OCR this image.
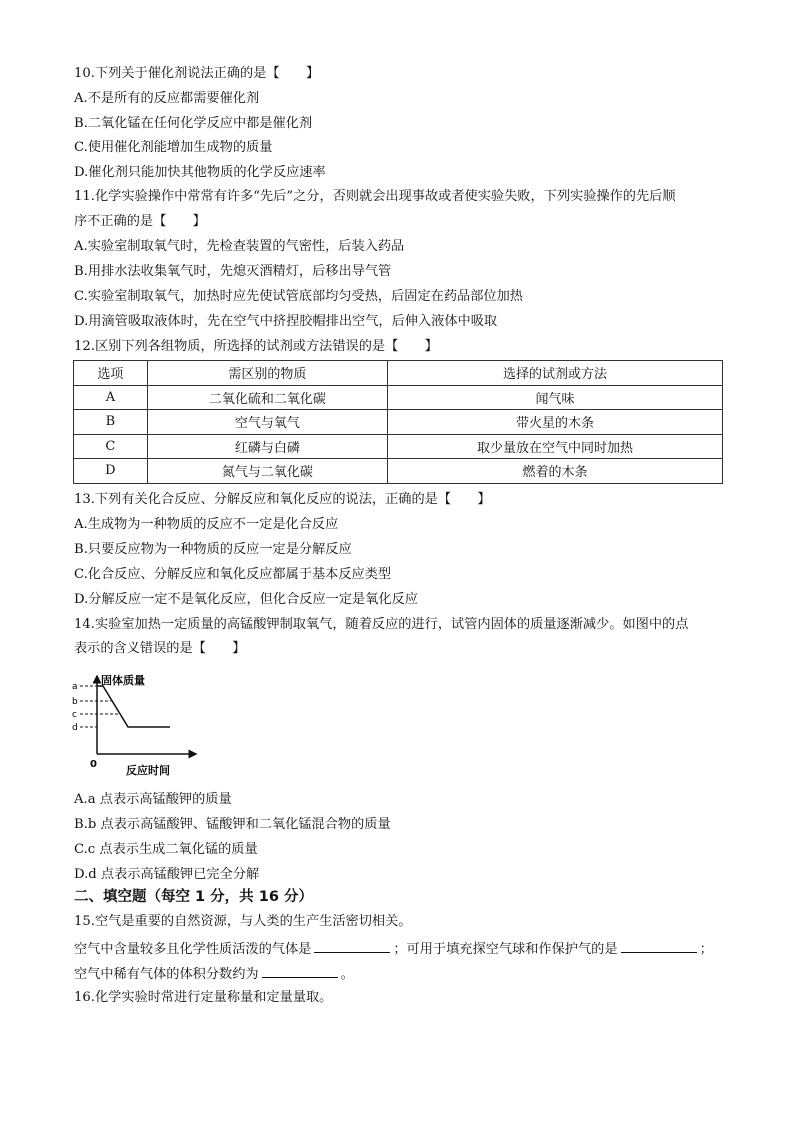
10.下列关于催化剂说法正确的是【　　】
A.不是所有的反应都需要催化剂
B.二氧化锰在任何化学反应中都是催化剂
C.使用催化剂能增加生成物的质量
D.催化剂只能加快其他物质的化学反应速率
11.化学实验操作中常常有许多“先后”之分，否则就会出现事故或者使实验失败，下列实验操作的先后顺
序不正确的是【　　】
A.实验室制取氧气时，先检查装置的气密性，后装入药品
B.用排水法收集氧气时，先熄灭酒精灯，后移出导气管
C.实验室制取氧气，加热时应先使试管底部均匀受热，后固定在药品部位加热
D.用滴管吸取液体时，先在空气中挤捏胶帽排出空气，后伸入液体中吸取
12.区别下列各组物质，所选择的试剂或方法错误的是【　　】
选项	需区别的物质	选择的试剂或方法
A	二氧化硫和二氧化碳	闻气味
B	空气与氧气	带火星的木条
C	红磷与白磷	取少量放在空气中同时加热
D	氮气与二氧化碳	燃着的木条
13.下列有关化合反应、分解反应和氧化反应的说法，正确的是【　　】
A.生成物为一种物质的反应不一定是化合反应
B.只要反应物为一种物质的反应一定是分解反应
C.化合反应、分解反应和氧化反应都属于基本反应类型
D.分解反应一定不是氧化反应，但化合反应一定是氧化反应
14.实验室加热一定质量的高锰酸钾制取氧气，随着反应的进行，试管内固体的质量逐渐减少。如图中的点
表示的含义错误的是【　　】
a
b
c
d
固体质量
0	反应时间
A.a 点表示高锰酸钾的质量
B.b 点表示高锰酸钾、锰酸钾和二氧化锰混合物的质量
C.c 点表示生成二氧化锰的质量
D.d 点表示高锰酸钾已完全分解
二、填空题（每空 1 分，共 16 分）
15.空气是重要的自然资源，与人类的生产生活密切相关。
空气中含量较多且化学性质活泼的气体是	；可用于填充探空气球和作保护气的是	；
空气中稀有气体的体积分数约为	。
16.化学实验时常进行定量称量和定量量取。
